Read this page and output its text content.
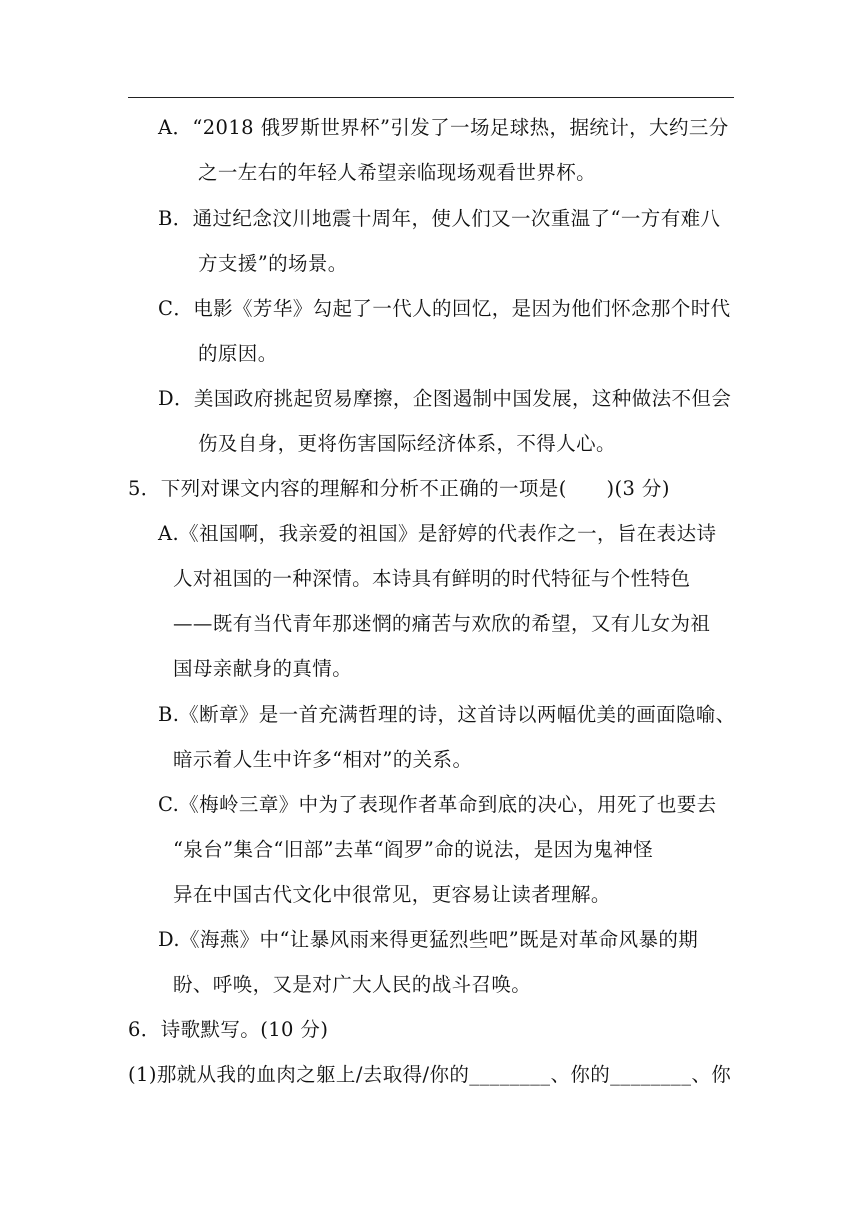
A．“2018 俄罗斯世界杯”引发了一场足球热，据统计，大约三分
之一左右的年轻人希望亲临现场观看世界杯。
B．通过纪念汶川地震十周年，使人们又一次重温了“一方有难八
方支援”的场景。
C．电影《芳华》勾起了一代人的回忆，是因为他们怀念那个时代
的原因。
D．美国政府挑起贸易摩擦，企图遏制中国发展，这种做法不但会
伤及自身，更将伤害国际经济体系，不得人心。
5．下列对课文内容的理解和分析不正确的一项是(　　)(3 分)
A.《祖国啊，我亲爱的祖国》是舒婷的代表作之一，旨在表达诗
人对祖国的一种深情。本诗具有鲜明的时代特征与个性特色
——既有当代青年那迷惘的痛苦与欢欣的希望，又有儿女为祖
国母亲献身的真情。
B.《断章》是一首充满哲理的诗，这首诗以两幅优美的画面隐喻、
暗示着人生中许多“相对”的关系。
C.《梅岭三章》中为了表现作者革命到底的决心，用死了也要去
“泉台”集合“旧部”去革“阎罗”命的说法，是因为鬼神怪
异在中国古代文化中很常见，更容易让读者理解。
D.《海燕》中“让暴风雨来得更猛烈些吧”既是对革命风暴的期
盼、呼唤，又是对广大人民的战斗召唤。
6．诗歌默写。(10 分)
(1)那就从我的血肉之躯上/去取得/你的________、你的________、你
